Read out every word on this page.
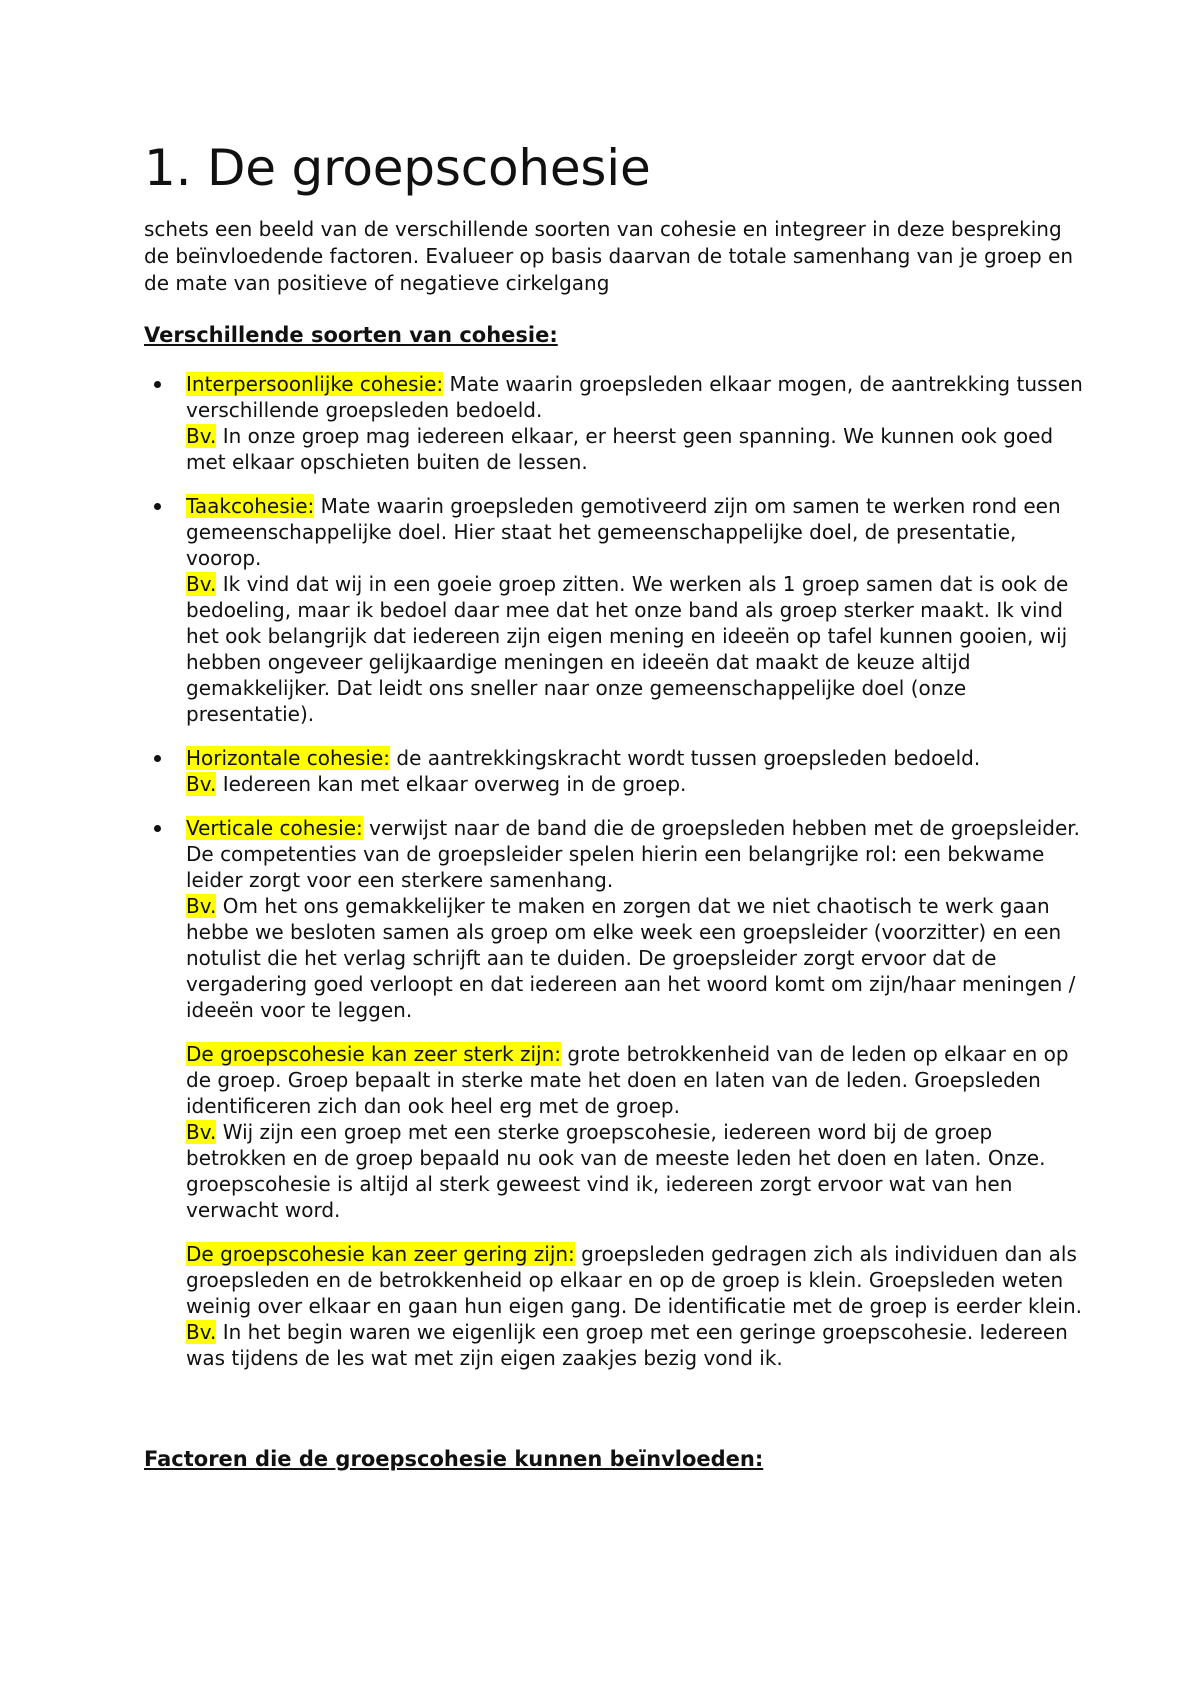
1. De groepscohesie

schets een beeld van de verschillende soorten van cohesie en integreer in deze bespreking de beïnvloedende factoren. Evalueer op basis daarvan de totale samenhang van je groep en de mate van positieve of negatieve cirkelgang

Verschillende soorten van cohesie:

Interpersoonlijke cohesie: Mate waarin groepsleden elkaar mogen, de aantrekking tussen verschillende groepsleden bedoeld.

Bv. In onze groep mag iedereen elkaar, er heerst geen spanning. We kunnen ook goed met elkaar opschieten buiten de lessen.

Taakcohesie: Mate waarin groepsleden gemotiveerd zijn om samen te werken rond een gemeenschappelijke doel. Hier staat het gemeenschappelijke doel, de presentatie, voorop.

Bv. Ik vind dat wij in een goeie groep zitten. We werken als 1 groep samen dat is ook de bedoeling, maar ik bedoel daar mee dat het onze band als groep sterker maakt. Ik vind het ook belangrijk dat iedereen zijn eigen mening en ideeën op tafel kunnen gooien, wij hebben ongeveer gelijkaardige meningen en ideeën dat maakt de keuze altijd gemakkelijker. Dat leidt ons sneller naar onze gemeenschappelijke doel (onze presentatie).

Horizontale cohesie: de aantrekkingskracht wordt tussen groepsleden bedoeld.

Bv. Iedereen kan met elkaar overweg in de groep.

Verticale cohesie: verwijst naar de band die de groepsleden hebben met de groepsleider. De competenties van de groepsleider spelen hierin een belangrijke rol: een bekwame leider zorgt voor een sterkere samenhang.

Bv. Om het ons gemakkelijker te maken en zorgen dat we niet chaotisch te werk gaan hebbe we besloten samen als groep om elke week een groepsleider (voorzitter) en een notulist die het verlag schrijft aan te duiden. De groepsleider zorgt ervoor dat de vergadering goed verloopt en dat iedereen aan het woord komt om zijn/haar meningen / ideeën voor te leggen.

De groepscohesie kan zeer sterk zijn: grote betrokkenheid van de leden op elkaar en op de groep. Groep bepaalt in sterke mate het doen en laten van de leden. Groepsleden identificeren zich dan ook heel erg met de groep.

Bv. Wij zijn een groep met een sterke groepscohesie, iedereen word bij de groep betrokken en de groep bepaald nu ook van de meeste leden het doen en laten. Onze. groepscohesie is altijd al sterk geweest vind ik, iedereen zorgt ervoor wat van hen verwacht word.

De groepscohesie kan zeer gering zijn: groepsleden gedragen zich als individuen dan als groepsleden en de betrokkenheid op elkaar en op de groep is klein. Groepsleden weten weinig over elkaar en gaan hun eigen gang. De identificatie met de groep is eerder klein.

Bv. In het begin waren we eigenlijk een groep met een geringe groepscohesie. Iedereen was tijdens de les wat met zijn eigen zaakjes bezig vond ik.

Factoren die de groepscohesie kunnen beïnvloeden:
